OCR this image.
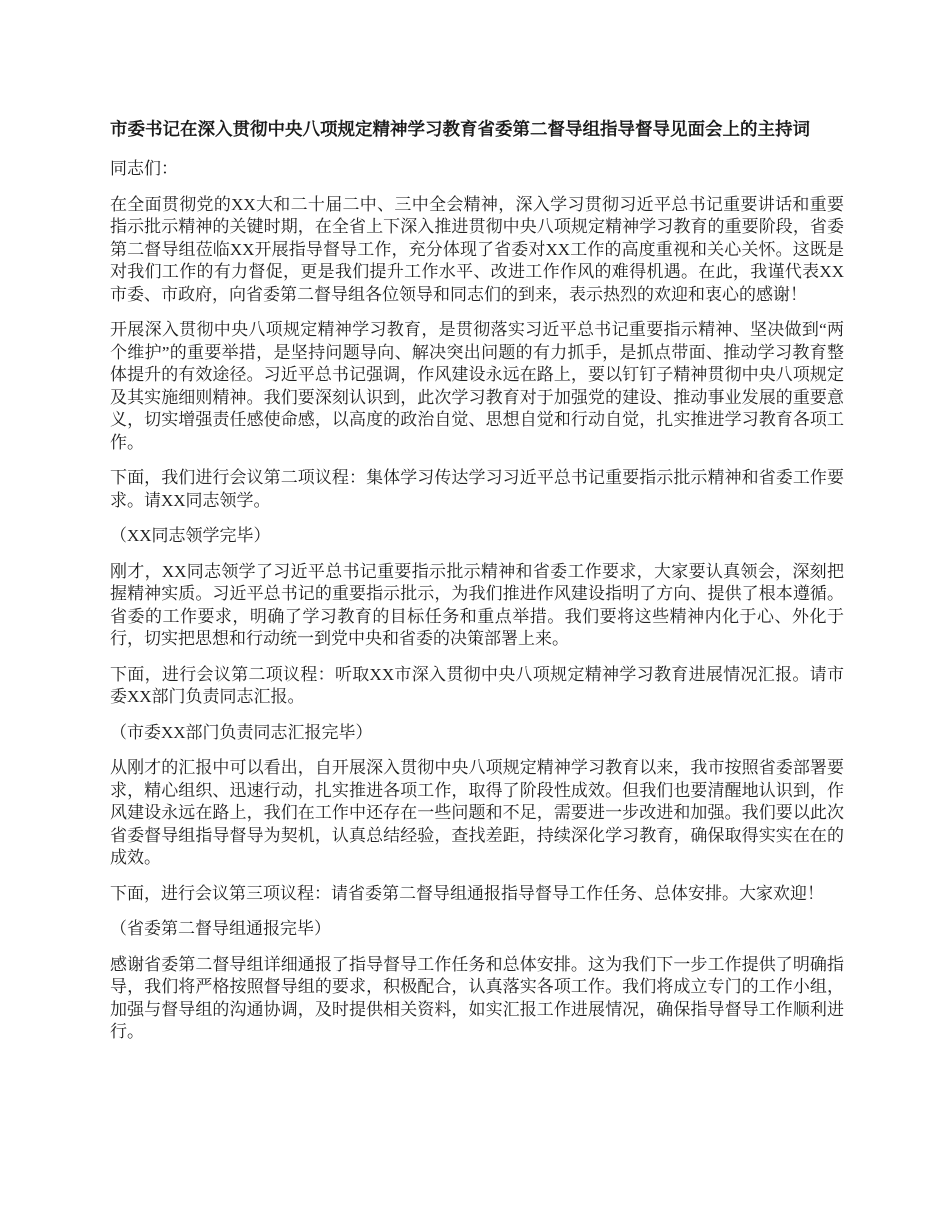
市委书记在深入贯彻中央八项规定精神学习教育省委第二督导组指导督导见面会上的主持词

同志们：

在全面贯彻党的XX大和二十届二中、三中全会精神，深入学习贯彻习近平总书记重要讲话和重要指示批示精神的关键时期，在全省上下深入推进贯彻中央八项规定精神学习教育的重要阶段，省委第二督导组莅临XX开展指导督导工作，充分体现了省委对XX工作的高度重视和关心关怀。这既是对我们工作的有力督促，更是我们提升工作水平、改进工作作风的难得机遇。在此，我谨代表XX市委、市政府，向省委第二督导组各位领导和同志们的到来，表示热烈的欢迎和衷心的感谢！

开展深入贯彻中央八项规定精神学习教育，是贯彻落实习近平总书记重要指示精神、坚决做到“两个维护”的重要举措，是坚持问题导向、解决突出问题的有力抓手，是抓点带面、推动学习教育整体提升的有效途径。习近平总书记强调，作风建设永远在路上，要以钉钉子精神贯彻中央八项规定及其实施细则精神。我们要深刻认识到，此次学习教育对于加强党的建设、推动事业发展的重要意义，切实增强责任感使命感，以高度的政治自觉、思想自觉和行动自觉，扎实推进学习教育各项工作。

下面，我们进行会议第二项议程：集体学习传达学习习近平总书记重要指示批示精神和省委工作要求。请XX同志领学。

（XX同志领学完毕）

刚才，XX同志领学了习近平总书记重要指示批示精神和省委工作要求，大家要认真领会，深刻把握精神实质。习近平总书记的重要指示批示，为我们推进作风建设指明了方向、提供了根本遵循。省委的工作要求，明确了学习教育的目标任务和重点举措。我们要将这些精神内化于心、外化于行，切实把思想和行动统一到党中央和省委的决策部署上来。

下面，进行会议第二项议程：听取XX市深入贯彻中央八项规定精神学习教育进展情况汇报。请市委XX部门负责同志汇报。

（市委XX部门负责同志汇报完毕）

从刚才的汇报中可以看出，自开展深入贯彻中央八项规定精神学习教育以来，我市按照省委部署要求，精心组织、迅速行动，扎实推进各项工作，取得了阶段性成效。但我们也要清醒地认识到，作风建设永远在路上，我们在工作中还存在一些问题和不足，需要进一步改进和加强。我们要以此次省委督导组指导督导为契机，认真总结经验，查找差距，持续深化学习教育，确保取得实实在在的成效。

下面，进行会议第三项议程：请省委第二督导组通报指导督导工作任务、总体安排。大家欢迎！

（省委第二督导组通报完毕）

感谢省委第二督导组详细通报了指导督导工作任务和总体安排。这为我们下一步工作提供了明确指导，我们将严格按照督导组的要求，积极配合，认真落实各项工作。我们将成立专门的工作小组，加强与督导组的沟通协调，及时提供相关资料，如实汇报工作进展情况，确保指导督导工作顺利进行。
